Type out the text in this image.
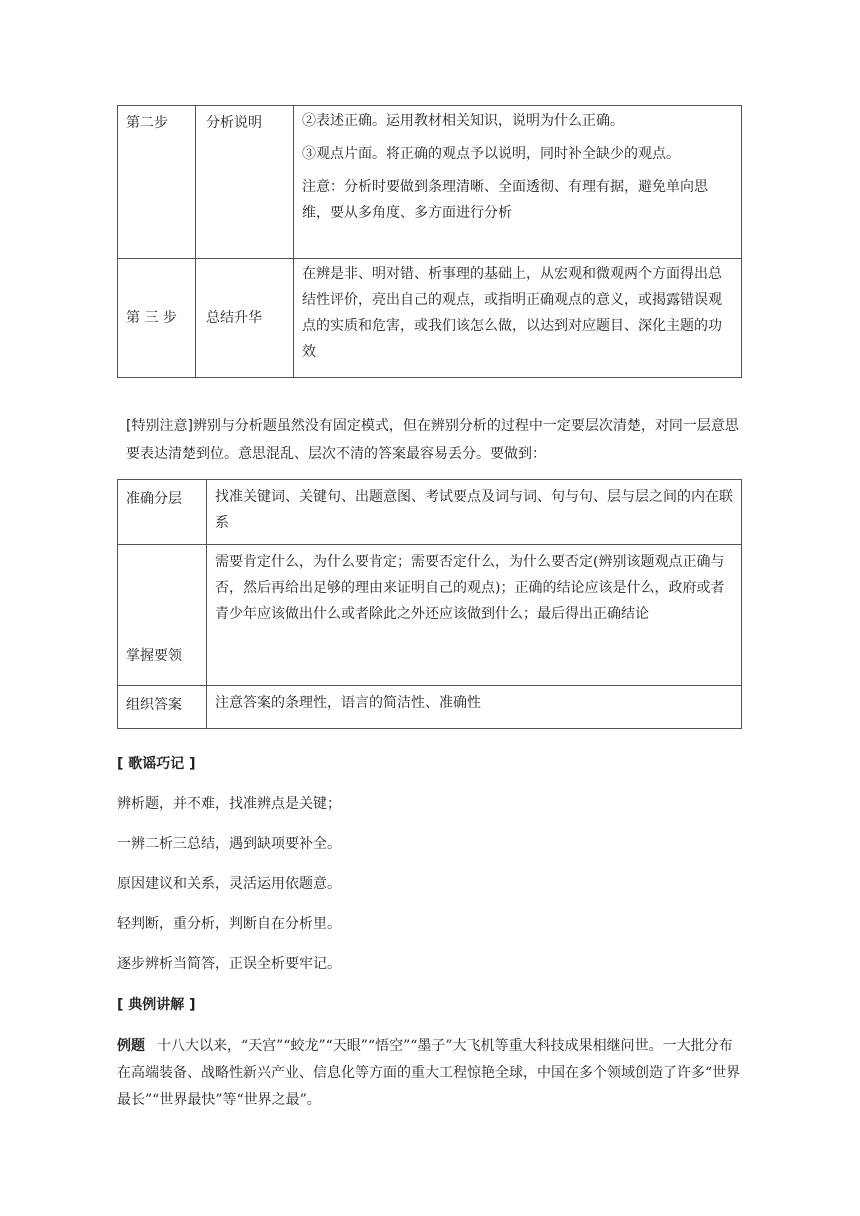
第二步	分析说明	②表述正确。运用教材相关知识，说明为什么正确。

③观点片面。将正确的观点予以说明，同时补全缺少的观点。

注意：分析时要做到条理清晰、全面透彻、有理有据，避免单向思维，要从多角度、多方面进行分析

第 三 步	总结升华	在辨是非、明对错、析事理的基础上，从宏观和微观两个方面得出总结性评价，亮出自己的观点，或指明正确观点的意义，或揭露错误观点的实质和危害，或我们该怎么做，以达到对应题目、深化主题的功效

[特别注意]辨别与分析题虽然没有固定模式，但在辨别分析的过程中一定要层次清楚，对同一层意思要表达清楚到位。意思混乱、层次不清的答案最容易丢分。要做到：
准确分层	找准关键词、关键句、出题意图、考试要点及词与词、句与句、层与层之间的内在联系

掌握要领	需要肯定什么，为什么要肯定；需要否定什么，为什么要否定(辨别该题观点正确与否，然后再给出足够的理由来证明自己的观点)；正确的结论应该是什么，政府或者青少年应该做出什么或者除此之外还应该做到什么；最后得出正确结论

组织答案	注意答案的条理性，语言的简洁性、准确性
[ 歌谣巧记 ]
辨析题，并不难，找准辨点是关键；
一辨二析三总结，遇到缺项要补全。
原因建议和关系，灵活运用依题意。
轻判断，重分析，判断自在分析里。
逐步辨析当简答，正误全析要牢记。
[ 典例讲解 ]
例题 十八大以来，“天宫”“蛟龙”“天眼”“悟空”“墨子”大飞机等重大科技成果相继问世。一大批分布在高端装备、战略性新兴产业、信息化等方面的重大工程惊艳全球，中国在多个领域创造了许多“世界最长”“世界最快”等“世界之最”。
